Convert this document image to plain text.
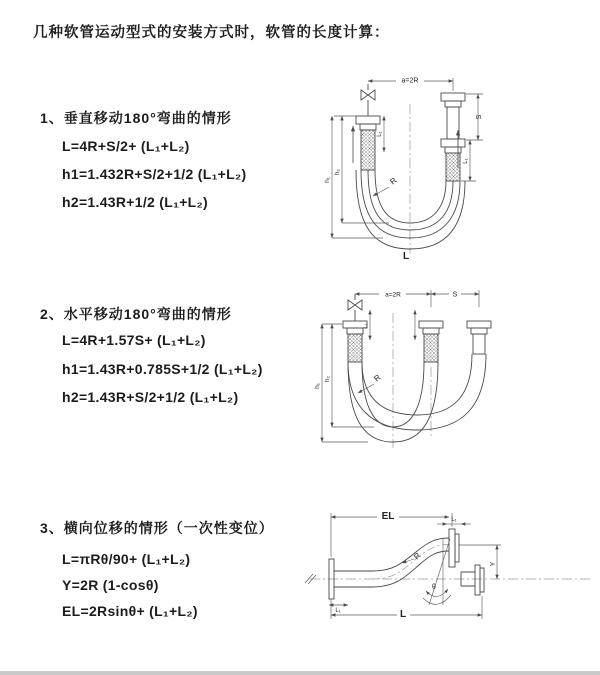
几种软管运动型式的安装方式时，软管的长度计算：
1、垂直移动180°弯曲的情形
L=4R+S/2+ (L₁+L₂)
h1=1.432R+S/2+1/2 (L₁+L₂)
h2=1.43R+1/2 (L₁+L₂)
2、水平移动180°弯曲的情形
L=4R+1.57S+ (L₁+L₂)
h1=1.43R+0.785S+1/2 (L₁+L₂)
h2=1.43R+S/2+1/2 (L₁+L₂)
3、横向位移的情形（一次性变位）
L=πRθ/90+ (L₁+L₂)
Y=2R (1-cosθ)
EL=2Rsinθ+ (L₁+L₂)
a=2R
S
L₁
L₁
h₁
h₂
R
L
a=2R	S
L₁
h₁
h₂	R
EL	L₁
L₁
Y
L
R
θ
